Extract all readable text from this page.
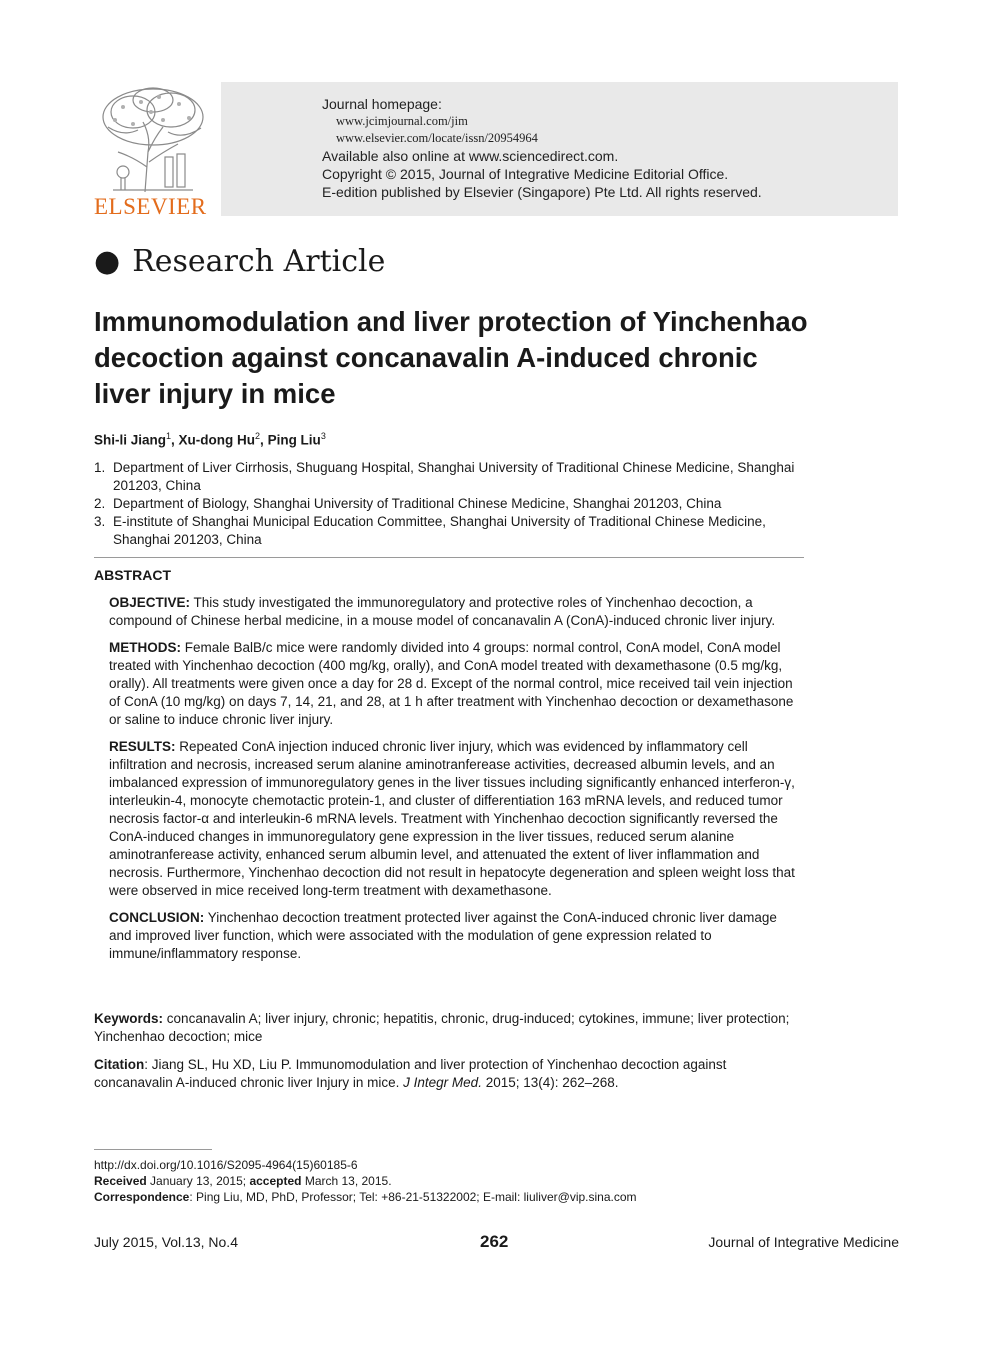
ELSEVIER
Journal homepage:
www.jcimjournal.com/jim
www.elsevier.com/locate/issn/20954964
Available also online at www.sciencedirect.com.
Copyright © 2015, Journal of Integrative Medicine Editorial Office.
E-edition published by Elsevier (Singapore) Pte Ltd. All rights reserved.
● Research Article
Immunomodulation and liver protection of Yinchenhao decoction against concanavalin A-induced chronic liver injury in mice
Shi-li Jiang$^1$, Xu-dong Hu$^2$, Ping Liu$^3$
1. Department of Liver Cirrhosis, Shuguang Hospital, Shanghai University of Traditional Chinese Medicine, Shanghai 201203, China
2. Department of Biology, Shanghai University of Traditional Chinese Medicine, Shanghai 201203, China
3. E-institute of Shanghai Municipal Education Committee, Shanghai University of Traditional Chinese Medicine, Shanghai 201203, China
ABSTRACT

OBJECTIVE: This study investigated the immunoregulatory and protective roles of Yinchenhao decoction, a compound of Chinese herbal medicine, in a mouse model of concanavalin A (ConA)-induced chronic liver injury.

METHODS: Female BalB/c mice were randomly divided into 4 groups: normal control, ConA model, ConA model treated with Yinchenhao decoction (400 mg/kg, orally), and ConA model treated with dexamethasone (0.5 mg/kg, orally). All treatments were given once a day for 28 d. Except of the normal control, mice received tail vein injection of ConA (10 mg/kg) on days 7, 14, 21, and 28, at 1 h after treatment with Yinchenhao decoction or dexamethasone or saline to induce chronic liver injury.

RESULTS: Repeated ConA injection induced chronic liver injury, which was evidenced by inflammatory cell infiltration and necrosis, increased serum alanine aminotranferease activities, decreased albumin levels, and an imbalanced expression of immunoregulatory genes in the liver tissues including significantly enhanced interferon-γ, interleukin-4, monocyte chemotactic protein-1, and cluster of differentiation 163 mRNA levels, and reduced tumor necrosis factor-α and interleukin-6 mRNA levels. Treatment with Yinchenhao decoction significantly reversed the ConA-induced changes in immunoregulatory gene expression in the liver tissues, reduced serum alanine aminotranferease activity, enhanced serum albumin level, and attenuated the extent of liver inflammation and necrosis. Furthermore, Yinchenhao decoction did not result in hepatocyte degeneration and spleen weight loss that were observed in mice received long-term treatment with dexamethasone.

CONCLUSION: Yinchenhao decoction treatment protected liver against the ConA-induced chronic liver damage and improved liver function, which were associated with the modulation of gene expression related to immune/inflammatory response.

Keywords: concanavalin A; liver injury, chronic; hepatitis, chronic, drug-induced; cytokines, immune; liver protection; Yinchenhao decoction; mice
Citation: Jiang SL, Hu XD, Liu P. Immunomodulation and liver protection of Yinchenhao decoction against concanavalin A-induced chronic liver Injury in mice. J Integr Med. 2015; 13(4): 262–268.
http://dx.doi.org/10.1016/S2095-4964(15)60185-6
Received January 13, 2015; accepted March 13, 2015.
Correspondence: Ping Liu, MD, PhD, Professor; Tel: +86-21-51322002; E-mail: liuliver@vip.sina.com
July 2015, Vol.13, No.4	262	Journal of Integrative Medicine
